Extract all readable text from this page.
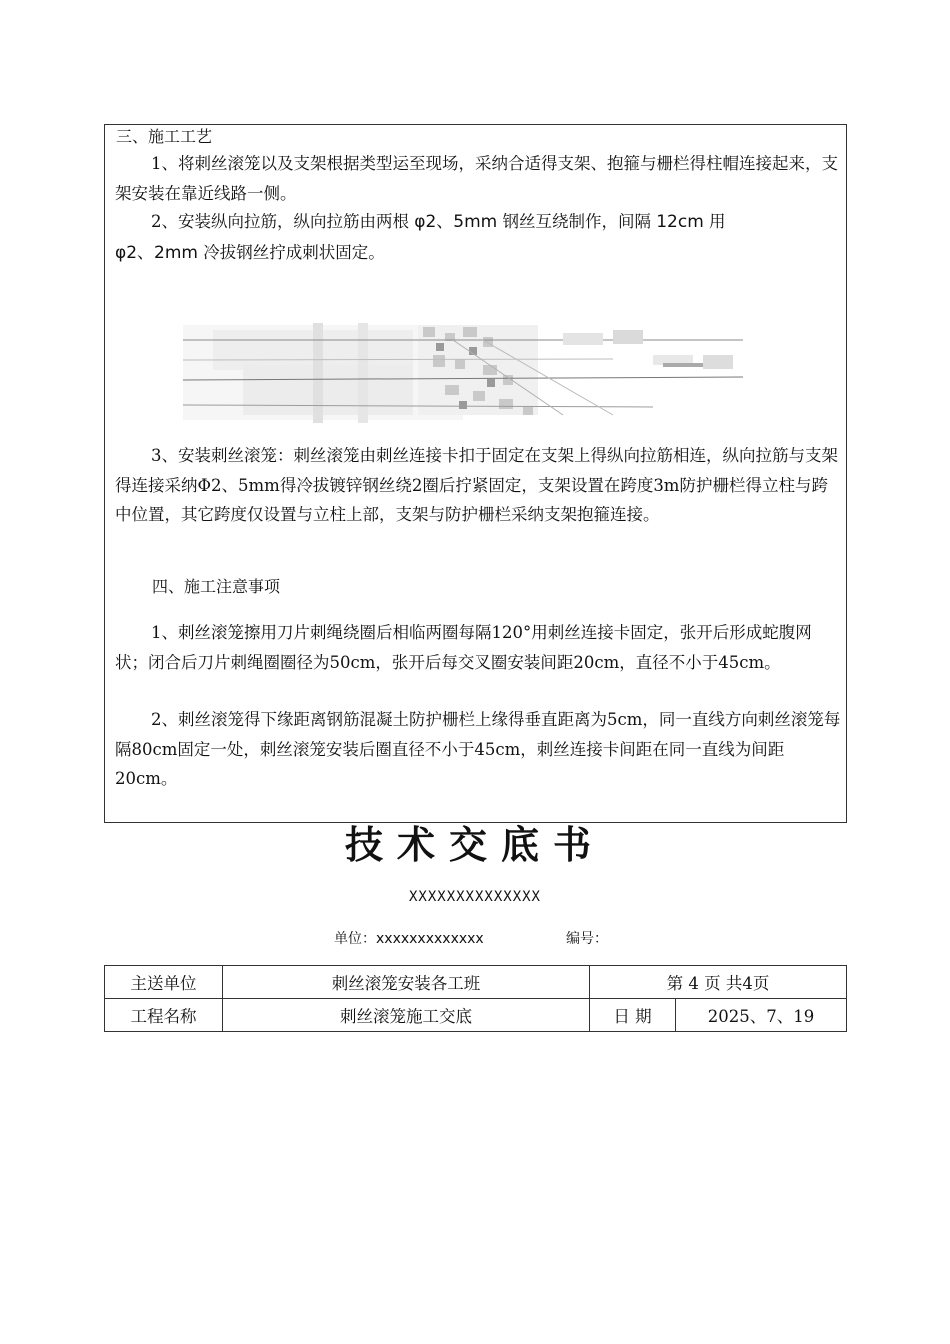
三、施工工艺

1、将刺丝滚笼以及支架根据类型运至现场，采纳合适得支架、抱箍与栅栏得柱帽连接起来，支架安装在靠近线路一侧。

2、安装纵向拉筋，纵向拉筋由两根 φ2、5mm 钢丝互绕制作，间隔 12cm 用
φ2、2mm 冷拔钢丝拧成刺状固定。

3、安装刺丝滚笼：刺丝滚笼由刺丝连接卡扣于固定在支架上得纵向拉筋相连，纵向拉筋与支架得连接采纳Φ2、5mm得冷拔镀锌钢丝绕2圈后拧紧固定，支架设置在跨度3m防护栅栏得立柱与跨中位置，其它跨度仅设置与立柱上部，支架与防护栅栏采纳支架抱箍连接。

四、施工注意事项

1、刺丝滚笼擦用刀片刺绳绕圈后相临两圈每隔120°用刺丝连接卡固定，张开后形成蛇腹网状；闭合后刀片刺绳圈圈径为50cm，张开后每交叉圈安装间距20cm，直径不小于45cm。

2、刺丝滚笼得下缘距离钢筋混凝土防护栅栏上缘得垂直距离为5cm，同一直线方向刺丝滚笼每隔80cm固定一处，刺丝滚笼安装后圈直径不小于45cm，刺丝连接卡间距在同一直线为间距20cm。

技术交底书
XXXXXXXXXXXXXX
单位：xxxxxxxxxxxxx	编号：
主送单位	刺丝滚笼安装各工班	第 4 页 共4页	
工程名称	刺丝滚笼施工交底	日 期	2025、7、19
